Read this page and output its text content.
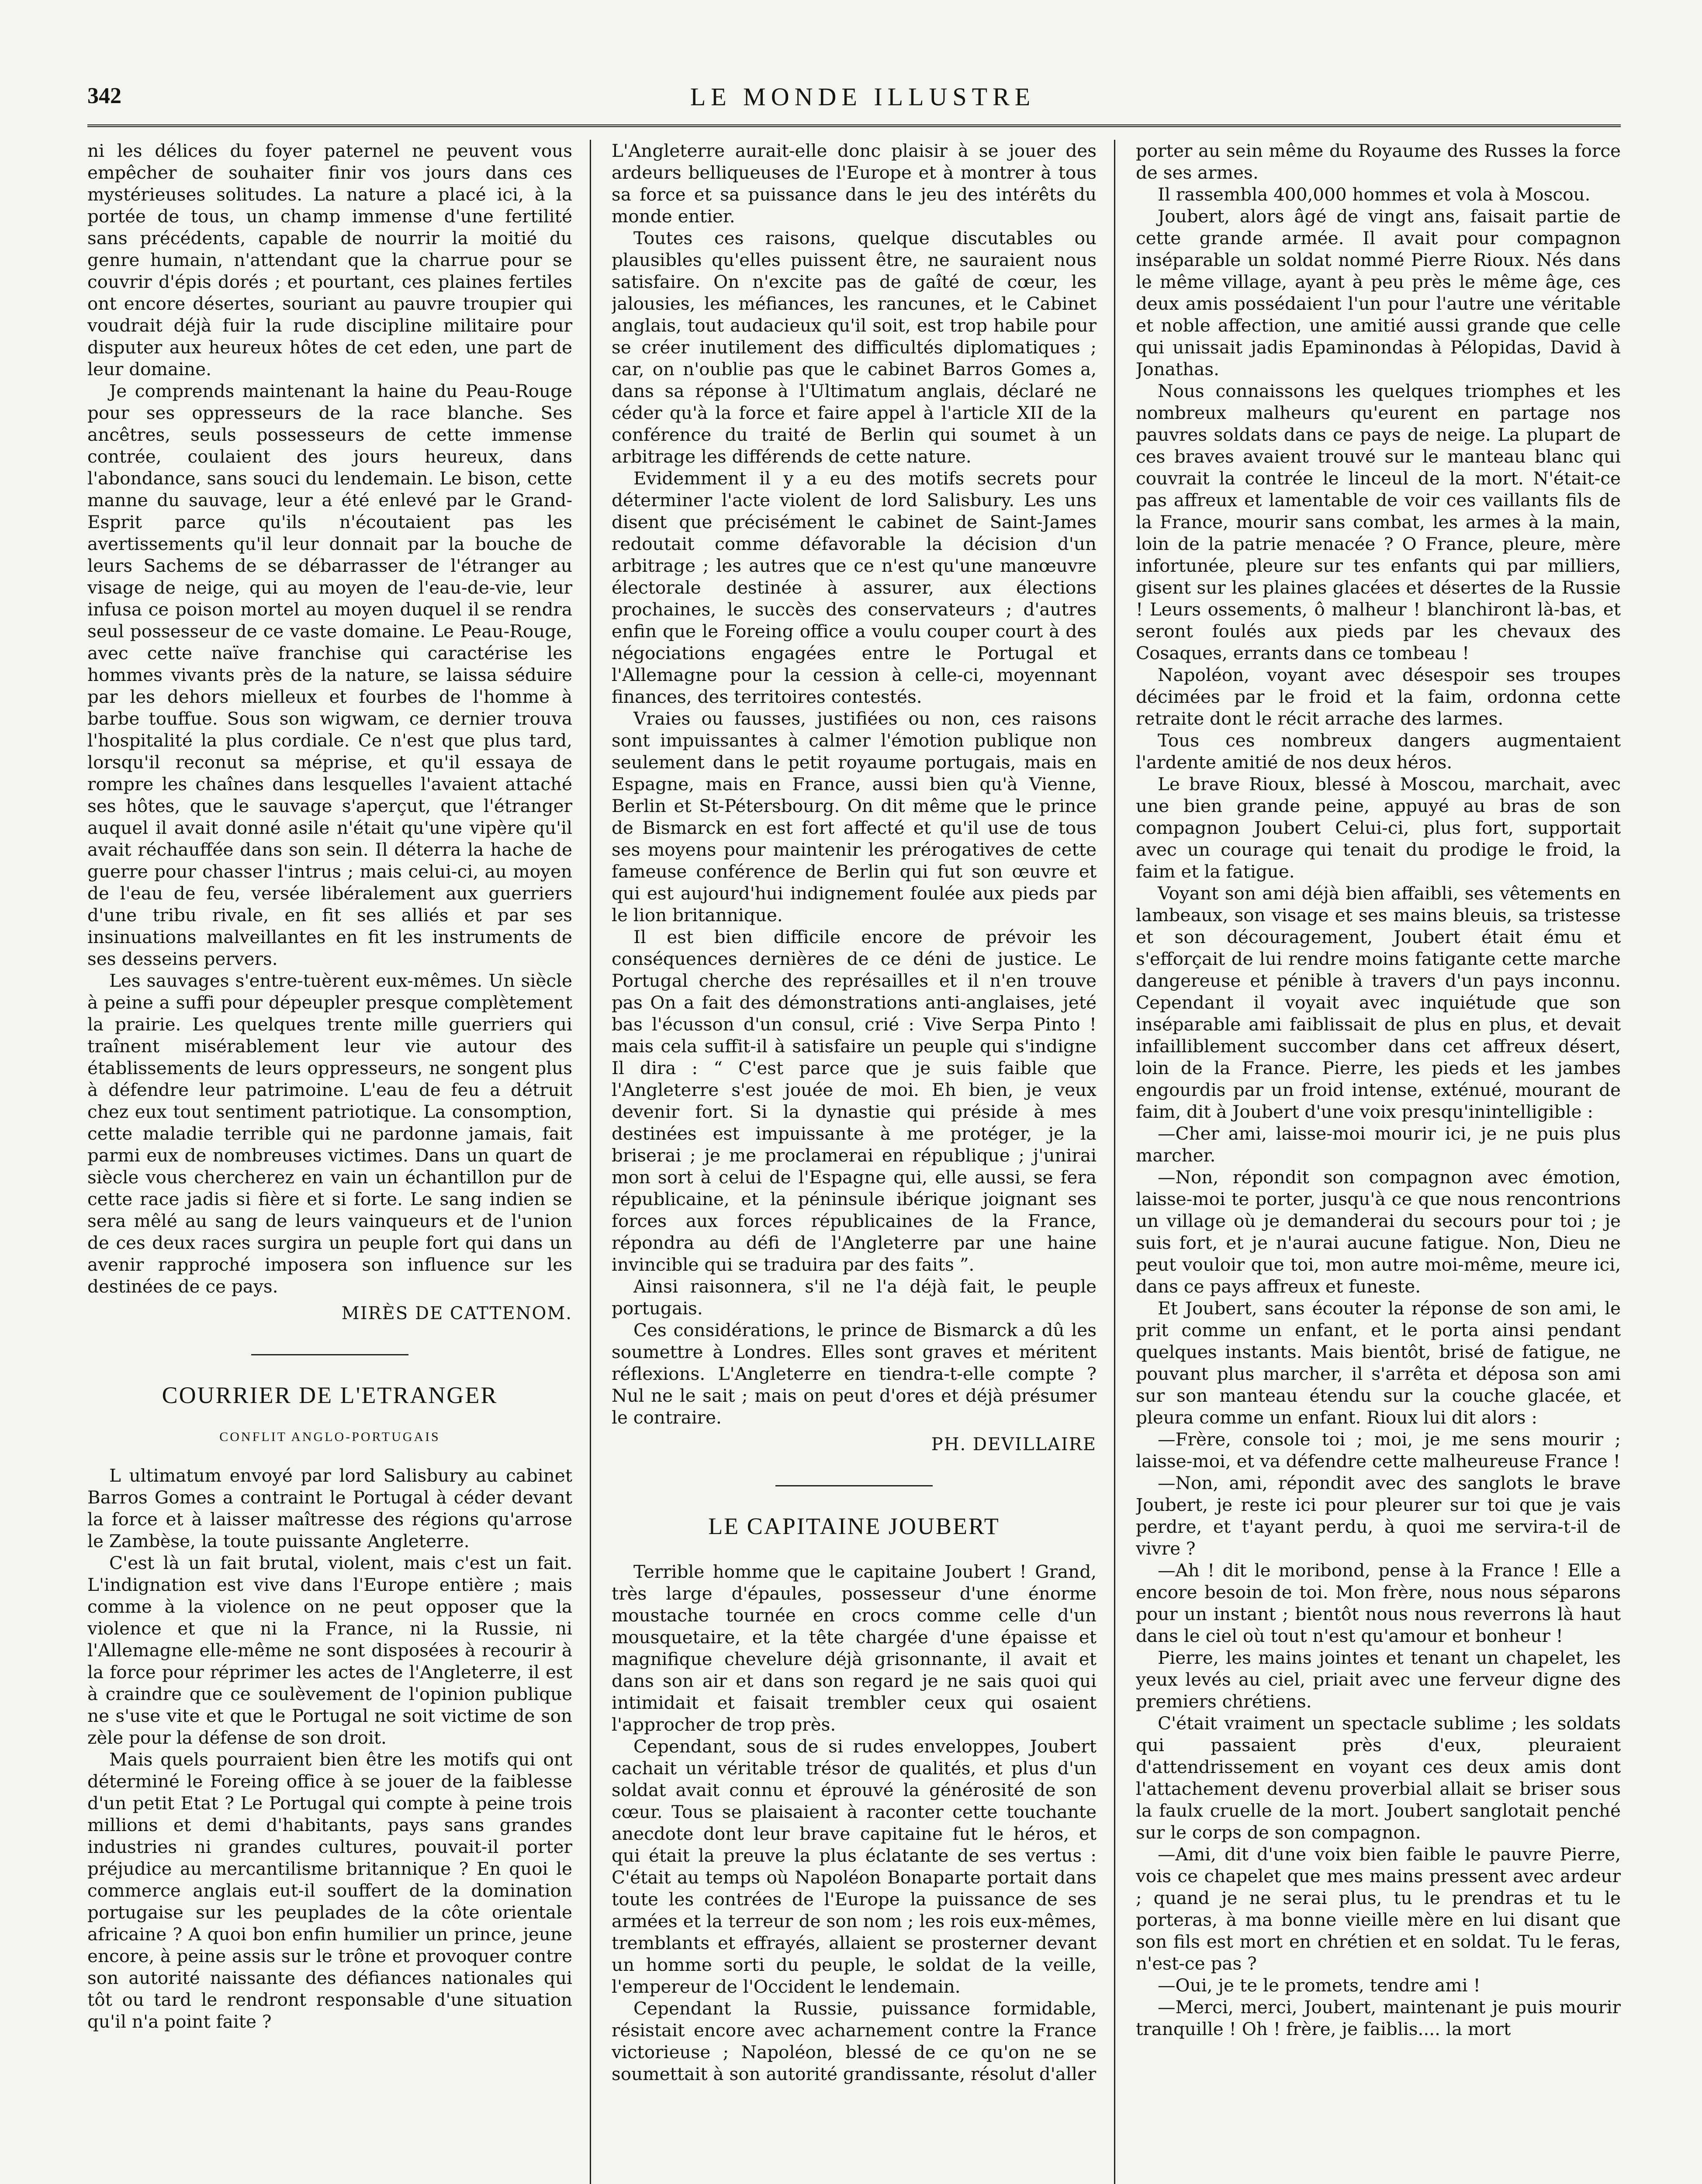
342	LE MONDE ILLUSTRE

ni les délices du foyer paternel ne peuvent vous empêcher de souhaiter finir vos jours dans ces mystérieuses solitudes. La nature a placé ici, à la portée de tous, un champ immense d'une fertilité sans précédents, capable de nourrir la moitié du genre humain, n'attendant que la charrue pour se couvrir d'épis dorés ; et pourtant, ces plaines fertiles ont encore désertes, souriant au pauvre troupier qui voudrait déjà fuir la rude discipline militaire pour disputer aux heureux hôtes de cet eden, une part de leur domaine.

Je comprends maintenant la haine du Peau-Rouge pour ses oppresseurs de la race blanche. Ses ancêtres, seuls possesseurs de cette immense contrée, coulaient des jours heureux, dans l'abondance, sans souci du lendemain. Le bison, cette manne du sauvage, leur a été enlevé par le Grand-Esprit parce qu'ils n'écoutaient pas les avertissements qu'il leur donnait par la bouche de leurs Sachems de se débarrasser de l'étranger au visage de neige, qui au moyen de l'eau-de-vie, leur infusa ce poison mortel au moyen duquel il se rendra seul possesseur de ce vaste domaine. Le Peau-Rouge, avec cette naïve franchise qui caractérise les hommes vivants près de la nature, se laissa séduire par les dehors mielleux et fourbes de l'homme à barbe touffue. Sous son wigwam, ce dernier trouva l'hospitalité la plus cordiale. Ce n'est que plus tard, lorsqu'il reconut sa méprise, et qu'il essaya de rompre les chaînes dans lesquelles l'avaient attaché ses hôtes, que le sauvage s'aperçut, que l'étranger auquel il avait donné asile n'était qu'une vipère qu'il avait réchauffée dans son sein. Il déterra la hache de guerre pour chasser l'intrus ; mais celui-ci, au moyen de l'eau de feu, versée libéralement aux guerriers d'une tribu rivale, en fit ses alliés et par ses insinuations malveillantes en fit les instruments de ses desseins pervers.

Les sauvages s'entre-tuèrent eux-mêmes. Un siècle à peine a suffi pour dépeupler presque complètement la prairie. Les quelques trente mille guerriers qui traînent misérablement leur vie autour des établissements de leurs oppresseurs, ne songent plus à défendre leur patrimoine. L'eau de feu a détruit chez eux tout sentiment patriotique. La consomption, cette maladie terrible qui ne pardonne jamais, fait parmi eux de nombreuses victimes. Dans un quart de siècle vous chercherez en vain un échantillon pur de cette race jadis si fière et si forte. Le sang indien se sera mêlé au sang de leurs vainqueurs et de l'union de ces deux races surgira un peuple fort qui dans un avenir rapproché imposera son influence sur les destinées de ce pays.

MIRÈS DE CATTENOM.
COURRIER DE L'ETRANGER
CONFLIT ANGLO-PORTUGAIS

L ultimatum envoyé par lord Salisbury au cabinet Barros Gomes a contraint le Portugal à céder devant la force et à laisser maîtresse des régions qu'arrose le Zambèse, la toute puissante Angleterre.

C'est là un fait brutal, violent, mais c'est un fait. L'indignation est vive dans l'Europe entière ; mais comme à la violence on ne peut opposer que la violence et que ni la France, ni la Russie, ni l'Allemagne elle-même ne sont disposées à recourir à la force pour réprimer les actes de l'Angleterre, il est à craindre que ce soulèvement de l'opinion publique ne s'use vite et que le Portugal ne soit victime de son zèle pour la défense de son droit.

Mais quels pourraient bien être les motifs qui ont déterminé le Foreing office à se jouer de la faiblesse d'un petit Etat ? Le Portugal qui compte à peine trois millions et demi d'habitants, pays sans grandes industries ni grandes cultures, pouvait-il porter préjudice au mercantilisme britannique ? En quoi le commerce anglais eut-il souffert de la domination portugaise sur les peuplades de la côte orientale africaine ? A quoi bon enfin humilier un prince, jeune encore, à peine assis sur le trône et provoquer contre son autorité naissante des défiances nationales qui tôt ou tard le rendront responsable d'une situation qu'il n'a point faite ?

L'Angleterre aurait-elle donc plaisir à se jouer des ardeurs belliqueuses de l'Europe et à montrer à tous sa force et sa puissance dans le jeu des intérêts du monde entier.

Toutes ces raisons, quelque discutables ou plausibles qu'elles puissent être, ne sauraient nous satisfaire. On n'excite pas de gaîté de cœur, les jalousies, les méfiances, les rancunes, et le Cabinet anglais, tout audacieux qu'il soit, est trop habile pour se créer inutilement des difficultés diplomatiques ; car, on n'oublie pas que le cabinet Barros Gomes a, dans sa réponse à l'Ultimatum anglais, déclaré ne céder qu'à la force et faire appel à l'article XII de la conférence du traité de Berlin qui soumet à un arbitrage les différends de cette nature.

Evidemment il y a eu des motifs secrets pour déterminer l'acte violent de lord Salisbury. Les uns disent que précisément le cabinet de Saint-James redoutait comme défavorable la décision d'un arbitrage ; les autres que ce n'est qu'une manœuvre électorale destinée à assurer, aux élections prochaines, le succès des conservateurs ; d'autres enfin que le Foreing office a voulu couper court à des négociations engagées entre le Portugal et l'Allemagne pour la cession à celle-ci, moyennant finances, des territoires contestés.

Vraies ou fausses, justifiées ou non, ces raisons sont impuissantes à calmer l'émotion publique non seulement dans le petit royaume portugais, mais en Espagne, mais en France, aussi bien qu'à Vienne, Berlin et St-Pétersbourg. On dit même que le prince de Bismarck en est fort affecté et qu'il use de tous ses moyens pour maintenir les prérogatives de cette fameuse conférence de Berlin qui fut son œuvre et qui est aujourd'hui indignement foulée aux pieds par le lion britannique.

Il est bien difficile encore de prévoir les conséquences dernières de ce déni de justice. Le Portugal cherche des représailles et il n'en trouve pas On a fait des démonstrations anti-anglaises, jeté bas l'écusson d'un consul, crié : Vive Serpa Pinto ! mais cela suffit-il à satisfaire un peuple qui s'indigne Il dira : “ C'est parce que je suis faible que l'Angleterre s'est jouée de moi. Eh bien, je veux devenir fort. Si la dynastie qui préside à mes destinées est impuissante à me protéger, je la briserai ; je me proclamerai en république ; j'unirai mon sort à celui de l'Espagne qui, elle aussi, se fera républicaine, et la péninsule ibérique joignant ses forces aux forces républicaines de la France, répondra au défi de l'Angleterre par une haine invincible qui se traduira par des faits ”.

Ainsi raisonnera, s'il ne l'a déjà fait, le peuple portugais.

Ces considérations, le prince de Bismarck a dû les soumettre à Londres. Elles sont graves et méritent réflexions. L'Angleterre en tiendra-t-elle compte ? Nul ne le sait ; mais on peut d'ores et déjà présumer le contraire.

PH. DEVILLAIRE
LE CAPITAINE JOUBERT

Terrible homme que le capitaine Joubert ! Grand, très large d'épaules, possesseur d'une énorme moustache tournée en crocs comme celle d'un mousquetaire, et la tête chargée d'une épaisse et magnifique chevelure déjà grisonnante, il avait et dans son air et dans son regard je ne sais quoi qui intimidait et faisait trembler ceux qui osaient l'approcher de trop près.

Cependant, sous de si rudes enveloppes, Joubert cachait un véritable trésor de qualités, et plus d'un soldat avait connu et éprouvé la générosité de son cœur. Tous se plaisaient à raconter cette touchante anecdote dont leur brave capitaine fut le héros, et qui était la preuve la plus éclatante de ses vertus : C'était au temps où Napoléon Bonaparte portait dans toute les contrées de l'Europe la puissance de ses armées et la terreur de son nom ; les rois eux-mêmes, tremblants et effrayés, allaient se prosterner devant un homme sorti du peuple, le soldat de la veille, l'empereur de l'Occident le lendemain.

Cependant la Russie, puissance formidable, résistait encore avec acharnement contre la France victorieuse ; Napoléon, blessé de ce qu'on ne se soumettait à son autorité grandissante, résolut d'aller

porter au sein même du Royaume des Russes la force de ses armes.

Il rassembla 400,000 hommes et vola à Moscou.

Joubert, alors âgé de vingt ans, faisait partie de cette grande armée. Il avait pour compagnon inséparable un soldat nommé Pierre Rioux. Nés dans le même village, ayant à peu près le même âge, ces deux amis possédaient l'un pour l'autre une véritable et noble affection, une amitié aussi grande que celle qui unissait jadis Epaminondas à Pélopidas, David à Jonathas.

Nous connaissons les quelques triomphes et les nombreux malheurs qu'eurent en partage nos pauvres soldats dans ce pays de neige. La plupart de ces braves avaient trouvé sur le manteau blanc qui couvrait la contrée le linceul de la mort. N'était-ce pas affreux et lamentable de voir ces vaillants fils de la France, mourir sans combat, les armes à la main, loin de la patrie menacée ? O France, pleure, mère infortunée, pleure sur tes enfants qui par milliers, gisent sur les plaines glacées et désertes de la Russie ! Leurs ossements, ô malheur ! blanchiront là-bas, et seront foulés aux pieds par les chevaux des Cosaques, errants dans ce tombeau !

Napoléon, voyant avec désespoir ses troupes décimées par le froid et la faim, ordonna cette retraite dont le récit arrache des larmes.

Tous ces nombreux dangers augmentaient l'ardente amitié de nos deux héros.

Le brave Rioux, blessé à Moscou, marchait, avec une bien grande peine, appuyé au bras de son compagnon Joubert Celui-ci, plus fort, supportait avec un courage qui tenait du prodige le froid, la faim et la fatigue.

Voyant son ami déjà bien affaibli, ses vêtements en lambeaux, son visage et ses mains bleuis, sa tristesse et son découragement, Joubert était ému et s'efforçait de lui rendre moins fatigante cette marche dangereuse et pénible à travers d'un pays inconnu. Cependant il voyait avec inquiétude que son inséparable ami faiblissait de plus en plus, et devait infailliblement succomber dans cet affreux désert, loin de la France. Pierre, les pieds et les jambes engourdis par un froid intense, exténué, mourant de faim, dit à Joubert d'une voix presqu'inintelligible :

—Cher ami, laisse-moi mourir ici, je ne puis plus marcher.

—Non, répondit son compagnon avec émotion, laisse-moi te porter, jusqu'à ce que nous rencontrions un village où je demanderai du secours pour toi ; je suis fort, et je n'aurai aucune fatigue. Non, Dieu ne peut vouloir que toi, mon autre moi-même, meure ici, dans ce pays affreux et funeste.

Et Joubert, sans écouter la réponse de son ami, le prit comme un enfant, et le porta ainsi pendant quelques instants. Mais bientôt, brisé de fatigue, ne pouvant plus marcher, il s'arrêta et déposa son ami sur son manteau étendu sur la couche glacée, et pleura comme un enfant. Rioux lui dit alors :

—Frère, console toi ; moi, je me sens mourir ; laisse-moi, et va défendre cette malheureuse France !

—Non, ami, répondit avec des sanglots le brave Joubert, je reste ici pour pleurer sur toi que je vais perdre, et t'ayant perdu, à quoi me servira-t-il de vivre ?

—Ah ! dit le moribond, pense à la France ! Elle a encore besoin de toi. Mon frère, nous nous séparons pour un instant ; bientôt nous nous reverrons là haut dans le ciel où tout n'est qu'amour et bonheur !

Pierre, les mains jointes et tenant un chapelet, les yeux levés au ciel, priait avec une ferveur digne des premiers chrétiens.

C'était vraiment un spectacle sublime ; les soldats qui passaient près d'eux, pleuraient d'attendrissement en voyant ces deux amis dont l'attachement devenu proverbial allait se briser sous la faulx cruelle de la mort. Joubert sanglotait penché sur le corps de son compagnon.

—Ami, dit d'une voix bien faible le pauvre Pierre, vois ce chapelet que mes mains pressent avec ardeur ; quand je ne serai plus, tu le prendras et tu le porteras, à ma bonne vieille mère en lui disant que son fils est mort en chrétien et en soldat. Tu le feras, n'est-ce pas ?

—Oui, je te le promets, tendre ami !

—Merci, merci, Joubert, maintenant je puis mourir tranquille ! Oh ! frère, je faiblis.... la mort
